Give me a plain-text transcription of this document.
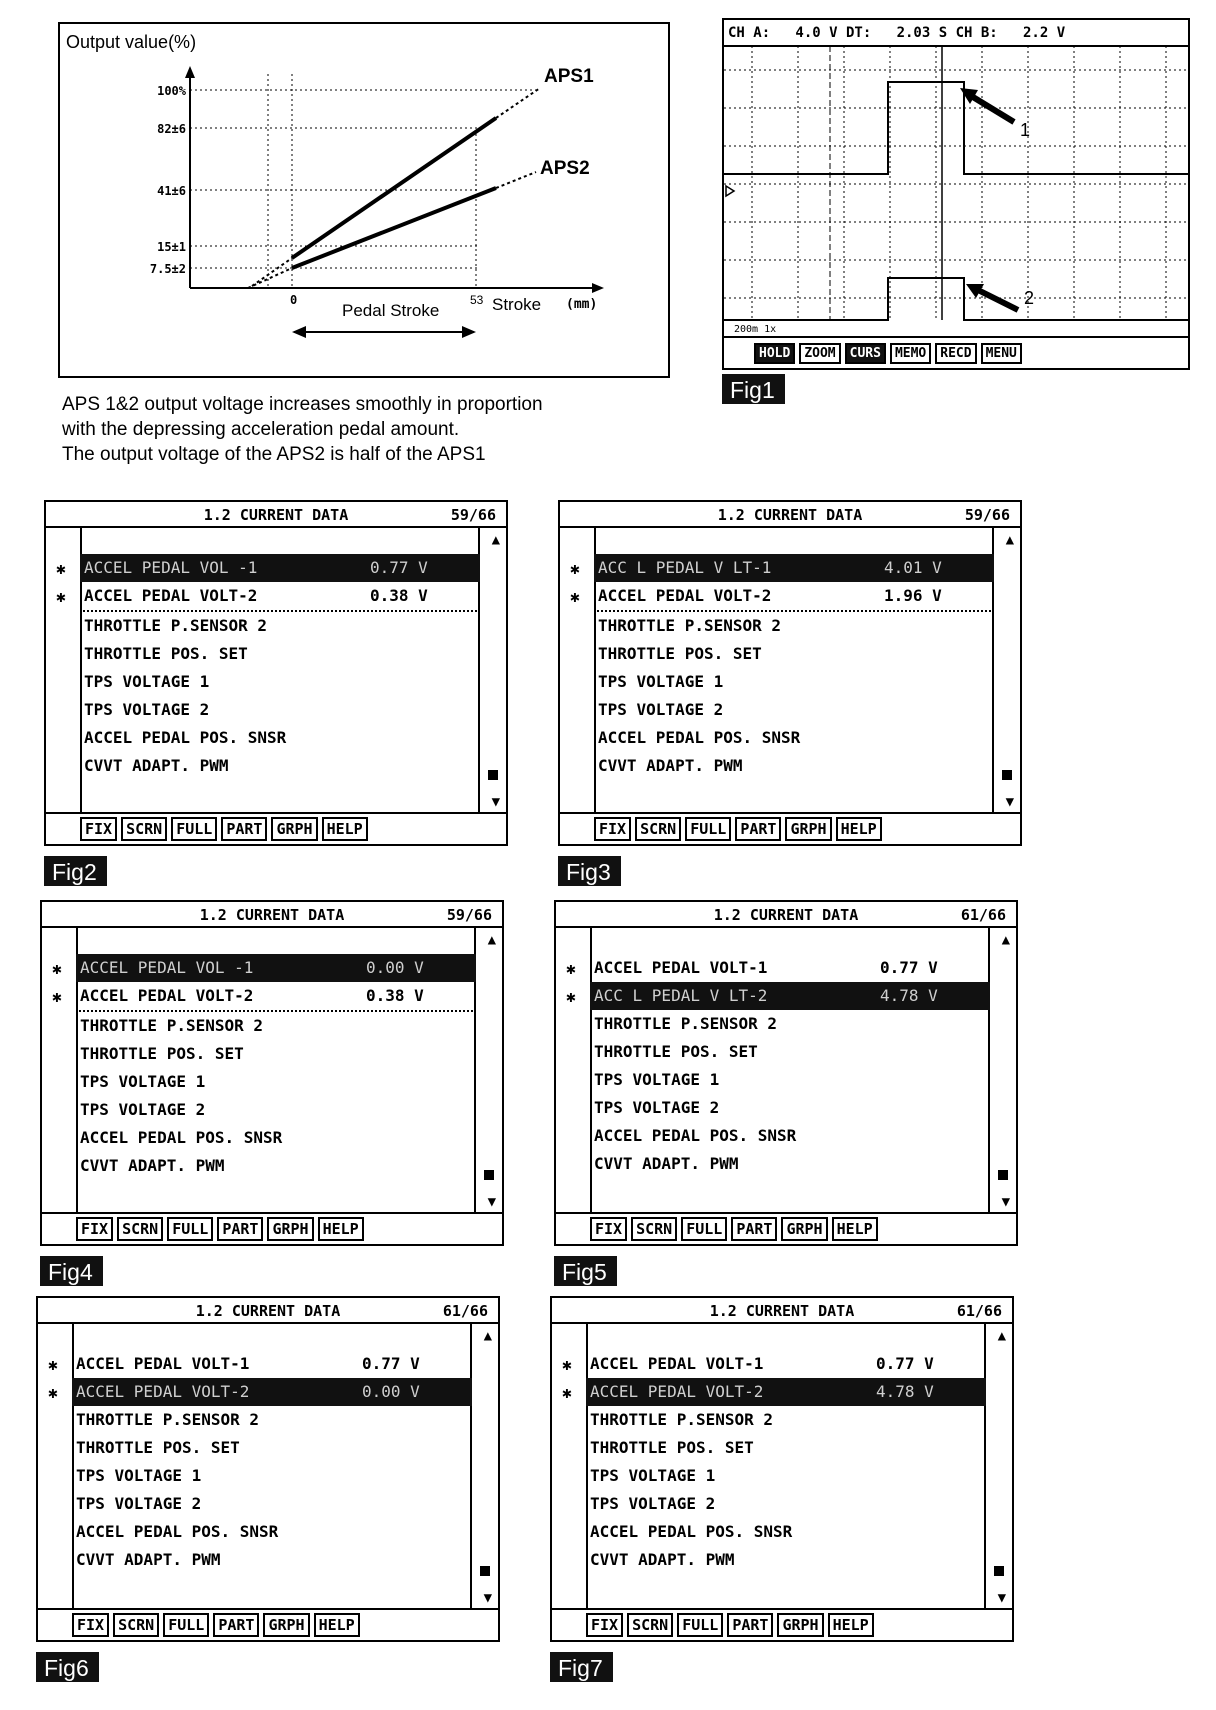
Output value(%)
100%
82±6
41±6
15±1
7.5±2
0	53 Stroke (mm)
Pedal Stroke
APS1
APS2
APS 1&2 output voltage increases smoothly in proportion
with the depressing acceleration pedal amount.
The output voltage of the APS2 is half of the APS1
CH A:   4.0 V DT:   2.03 S CH B:   2.2 V
1
2
200m 1x
HOLD	ZOOM	CURS	MEMO	RECD	MENU
Fig1
1.2 CURRENT DATA	59/66
▲
▼
✱
✱
ACCEL PEDAL VOL -1	0.77 V
ACCEL PEDAL VOLT-2	0.38 V
THROTTLE P.SENSOR 2
THROTTLE POS. SET
TPS VOLTAGE 1
TPS VOLTAGE 2
ACCEL PEDAL POS. SNSR
CVVT ADAPT. PWM
FIX SCRN FULL PART GRPH HELP
Fig2
1.2 CURRENT DATA	59/66
▲
▼
✱
✱
ACC L PEDAL V LT-1	4.01 V
ACCEL PEDAL VOLT-2	1.96 V
THROTTLE P.SENSOR 2
THROTTLE POS. SET
TPS VOLTAGE 1
TPS VOLTAGE 2
ACCEL PEDAL POS. SNSR
CVVT ADAPT. PWM
FIX SCRN FULL PART GRPH HELP
Fig3
1.2 CURRENT DATA	59/66
▲
▼
✱
✱
ACCEL PEDAL VOL -1	0.00 V
ACCEL PEDAL VOLT-2	0.38 V
THROTTLE P.SENSOR 2
THROTTLE POS. SET
TPS VOLTAGE 1
TPS VOLTAGE 2
ACCEL PEDAL POS. SNSR
CVVT ADAPT. PWM
FIX SCRN FULL PART GRPH HELP
Fig4
1.2 CURRENT DATA	61/66
▲
▼
✱
✱
ACCEL PEDAL VOLT-1	0.77 V
ACC L PEDAL V LT-2	4.78 V
THROTTLE P.SENSOR 2
THROTTLE POS. SET
TPS VOLTAGE 1
TPS VOLTAGE 2
ACCEL PEDAL POS. SNSR
CVVT ADAPT. PWM
FIX SCRN FULL PART GRPH HELP
Fig5
1.2 CURRENT DATA	61/66
▲
▼
✱
✱
ACCEL PEDAL VOLT-1	0.77 V
ACCEL PEDAL VOLT-2	0.00 V
THROTTLE P.SENSOR 2
THROTTLE POS. SET
TPS VOLTAGE 1
TPS VOLTAGE 2
ACCEL PEDAL POS. SNSR
CVVT ADAPT. PWM
FIX SCRN FULL PART GRPH HELP
Fig6
1.2 CURRENT DATA	61/66
▲
▼
✱
✱
ACCEL PEDAL VOLT-1	0.77 V
ACCEL PEDAL VOLT-2	4.78 V
THROTTLE P.SENSOR 2
THROTTLE POS. SET
TPS VOLTAGE 1
TPS VOLTAGE 2
ACCEL PEDAL POS. SNSR
CVVT ADAPT. PWM
FIX SCRN FULL PART GRPH HELP
Fig7
